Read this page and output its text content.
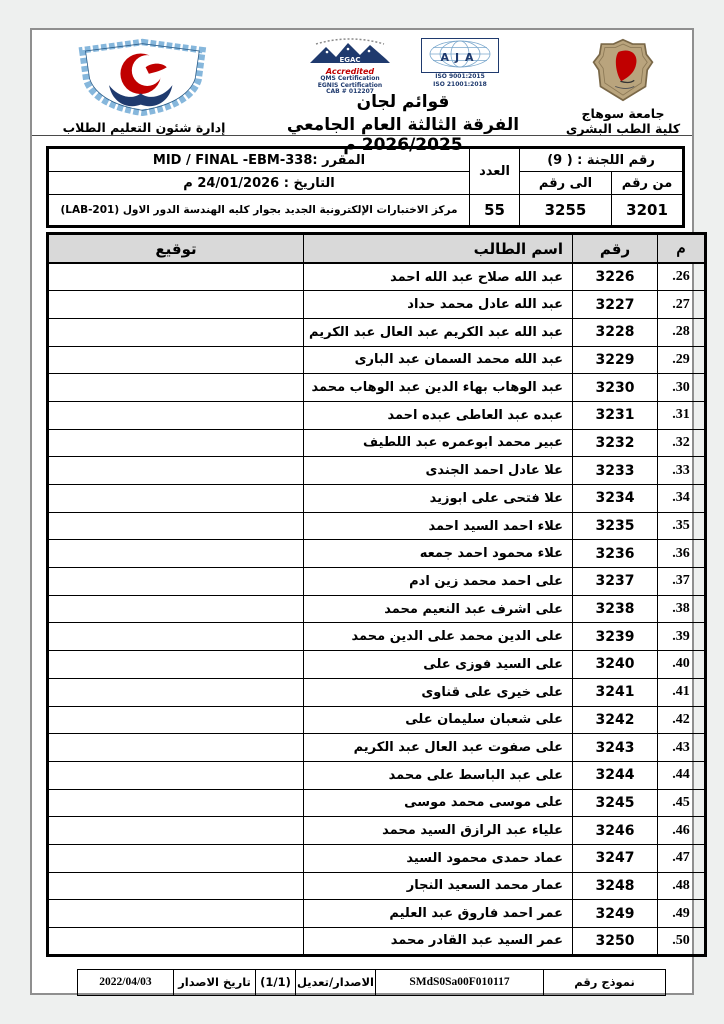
إدارة شئون التعليم الطلاب
EGAC
Accredited
QMS Certification
EGNIS Certification
CAB # 012207
AJA
ISO 9001:2015
ISO 21001:2018
قوائم لجان
الفرقة الثالثة العام الجامعي 2026/2025 م
جامعة سوهاج
كلية الطب البشرى
رقم اللجنة : ( 9)		العدد	المقرر :MID / FINAL -EBM-338
من رقم	الى رقم		التاريخ : 24/01/2026 م
3201	3255	55	مركز الاختبارات الإلكترونية الجديد بجوار كليه الهندسة الدور الاول (LAB-201)
م	رقم	اسم الطالب	توقيع
26.	3226	عبد الله صلاح عبد الله احمد	
27.	3227	عبد الله عادل محمد حداد	
28.	3228	عبد الله عبد الكريم عبد العال عبد الكريم	
29.	3229	عبد الله محمد السمان عبد البارى	
30.	3230	عبد الوهاب بهاء الدين عبد الوهاب محمد	
31.	3231	عبده عبد العاطى عبده احمد	
32.	3232	عبير محمد ابوعمره عبد اللطيف	
33.	3233	علا عادل احمد الجندى	
34.	3234	علا فتحى على ابوزيد	
35.	3235	علاء احمد السيد احمد	
36.	3236	علاء محمود احمد جمعه	
37.	3237	على احمد محمد زين ادم	
38.	3238	على اشرف عبد النعيم محمد	
39.	3239	على الدين محمد على الدين محمد	
40.	3240	على السيد فوزى على	
41.	3241	على خيرى على قناوى	
42.	3242	على شعبان سليمان على	
43.	3243	على صفوت عبد العال عبد الكريم	
44.	3244	على عبد الباسط على محمد	
45.	3245	على موسى محمد موسى	
46.	3246	علياء عبد الرازق السيد محمد	
47.	3247	عماد حمدى محمود السيد	
48.	3248	عمار محمد السعيد النجار	
49.	3249	عمر احمد فاروق عبد العليم	
50.	3250	عمر السيد عبد القادر محمد	
نموذج رقم	SMdS0Sa00F010117	الاصدار/تعديل	(1/1)	تاريخ الاصدار	2022/04/03
